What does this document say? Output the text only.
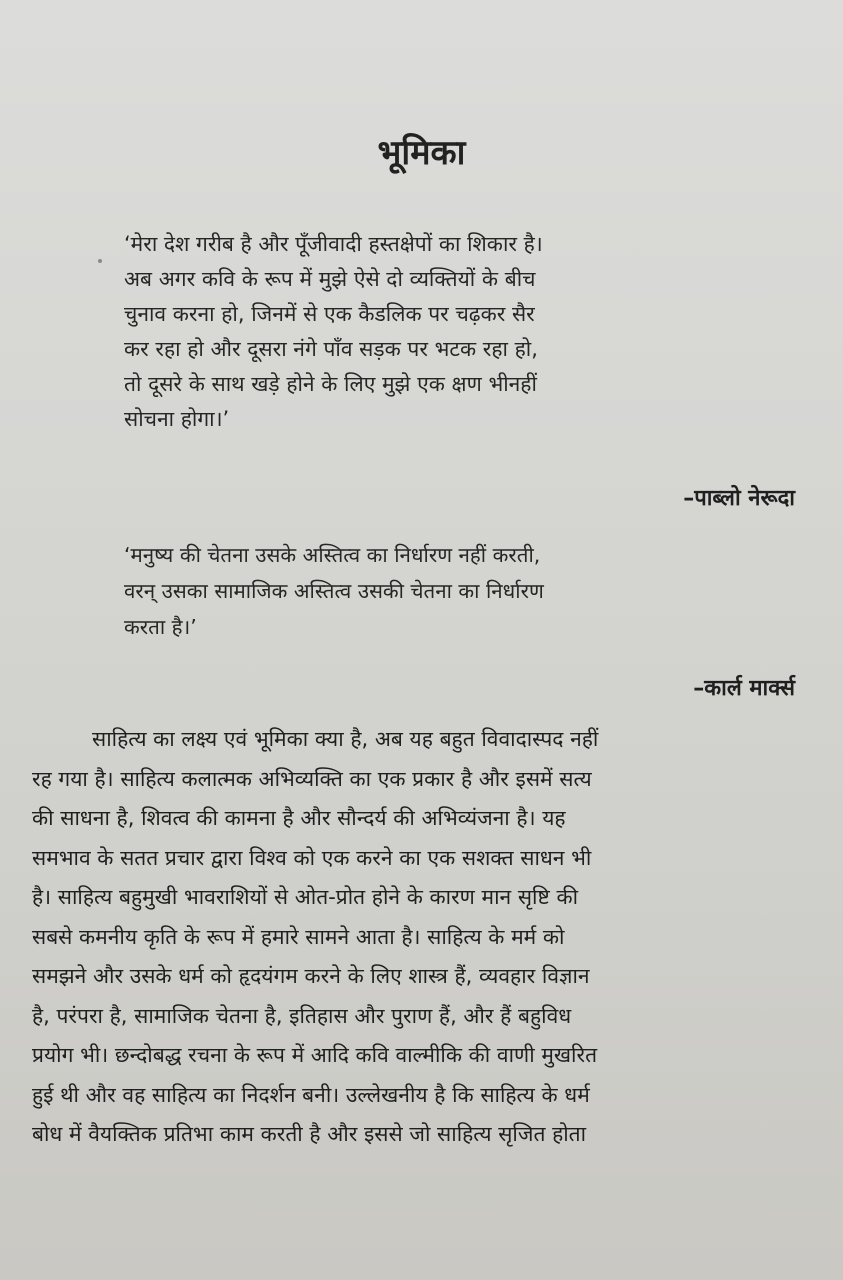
भूमिका
‘मेरा देश गरीब है और पूँजीवादी हस्तक्षेपों का शिकार है।
अब अगर कवि के रूप में मुझे ऐसे दो व्यक्तियों के बीच
चुनाव करना हो, जिनमें से एक कैडलिक पर चढ़कर सैर
कर रहा हो और दूसरा नंगे पाँव सड़क पर भटक रहा हो,
तो दूसरे के साथ खड़े होने के लिए मुझे एक क्षण भीनहीं
सोचना होगा।’
–पाब्लो नेरूदा
‘मनुष्य की चेतना उसके अस्तित्व का निर्धारण नहीं करती,
वरन् उसका सामाजिक अस्तित्व उसकी चेतना का निर्धारण
करता है।’
–कार्ल मार्क्स
साहित्य का लक्ष्य एवं भूमिका क्या है, अब यह बहुत विवादास्पद नहीं
रह गया है। साहित्य कलात्मक अभिव्यक्ति का एक प्रकार है और इसमें सत्य
की साधना है, शिवत्व की कामना है और सौन्दर्य की अभिव्यंजना है। यह
समभाव के सतत प्रचार द्वारा विश्व को एक करने का एक सशक्त साधन भी
है। साहित्य बहुमुखी भावराशियों से ओत-प्रोत होने के कारण मान सृष्टि की
सबसे कमनीय कृति के रूप में हमारे सामने आता है। साहित्य के मर्म को
समझने और उसके धर्म को हृदयंगम करने के लिए शास्त्र हैं, व्यवहार विज्ञान
है, परंपरा है, सामाजिक चेतना है, इतिहास और पुराण हैं, और हैं बहुविध
प्रयोग भी। छन्दोबद्ध रचना के रूप में आदि कवि वाल्मीकि की वाणी मुखरित
हुई थी और वह साहित्य का निदर्शन बनी। उल्लेखनीय है कि साहित्य के धर्म
बोध में वैयक्तिक प्रतिभा काम करती है और इससे जो साहित्य सृजित होता
